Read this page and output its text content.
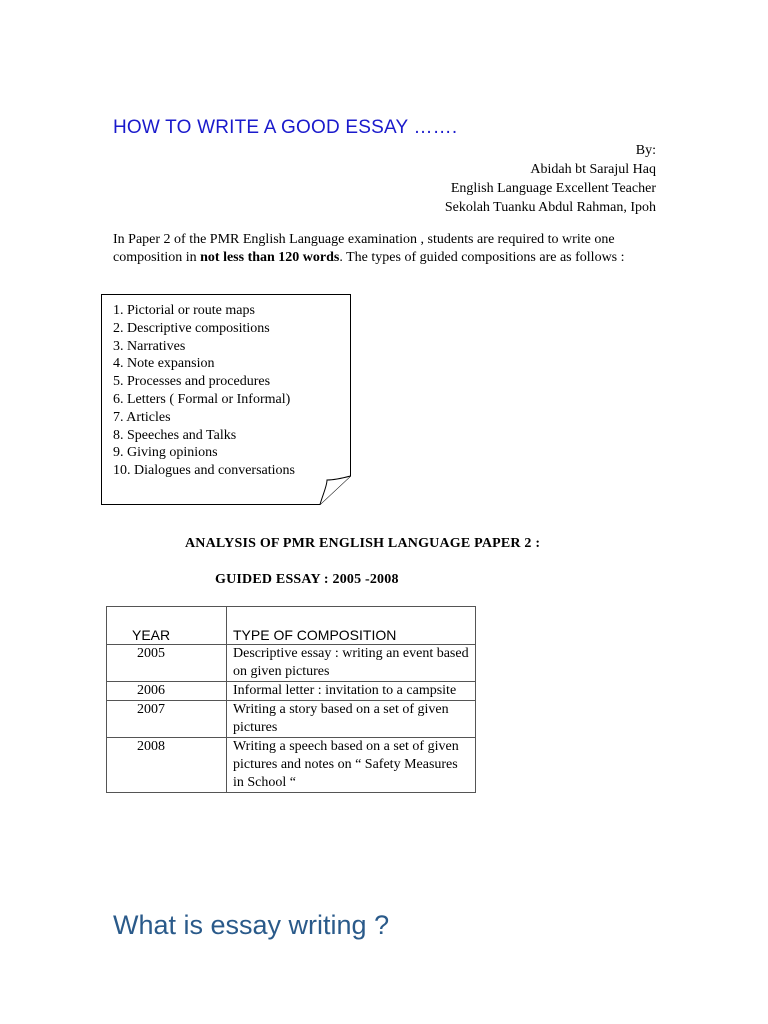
HOW TO WRITE A GOOD ESSAY …….
By:
Abidah bt Sarajul Haq
English Language Excellent Teacher
Sekolah Tuanku Abdul Rahman, Ipoh
In Paper 2 of the PMR English Language examination , students are required to write one composition in not less than 120 words. The types of guided compositions are as follows :
1. Pictorial or route maps
2. Descriptive compositions
3. Narratives
4. Note expansion
5. Processes and procedures
6. Letters ( Formal or Informal)
7. Articles
8. Speeches and Talks
9. Giving opinions
10. Dialogues and conversations
ANALYSIS OF PMR ENGLISH LANGUAGE PAPER 2 :
GUIDED ESSAY : 2005 -2008
YEAR	TYPE OF COMPOSITION
2005	Descriptive essay : writing an event based on given pictures
2006	Informal letter : invitation to a campsite
2007	Writing a story based on a set of given pictures
2008	Writing a speech based on a set of given pictures and notes on “ Safety Measures in School “
What is essay writing ?
